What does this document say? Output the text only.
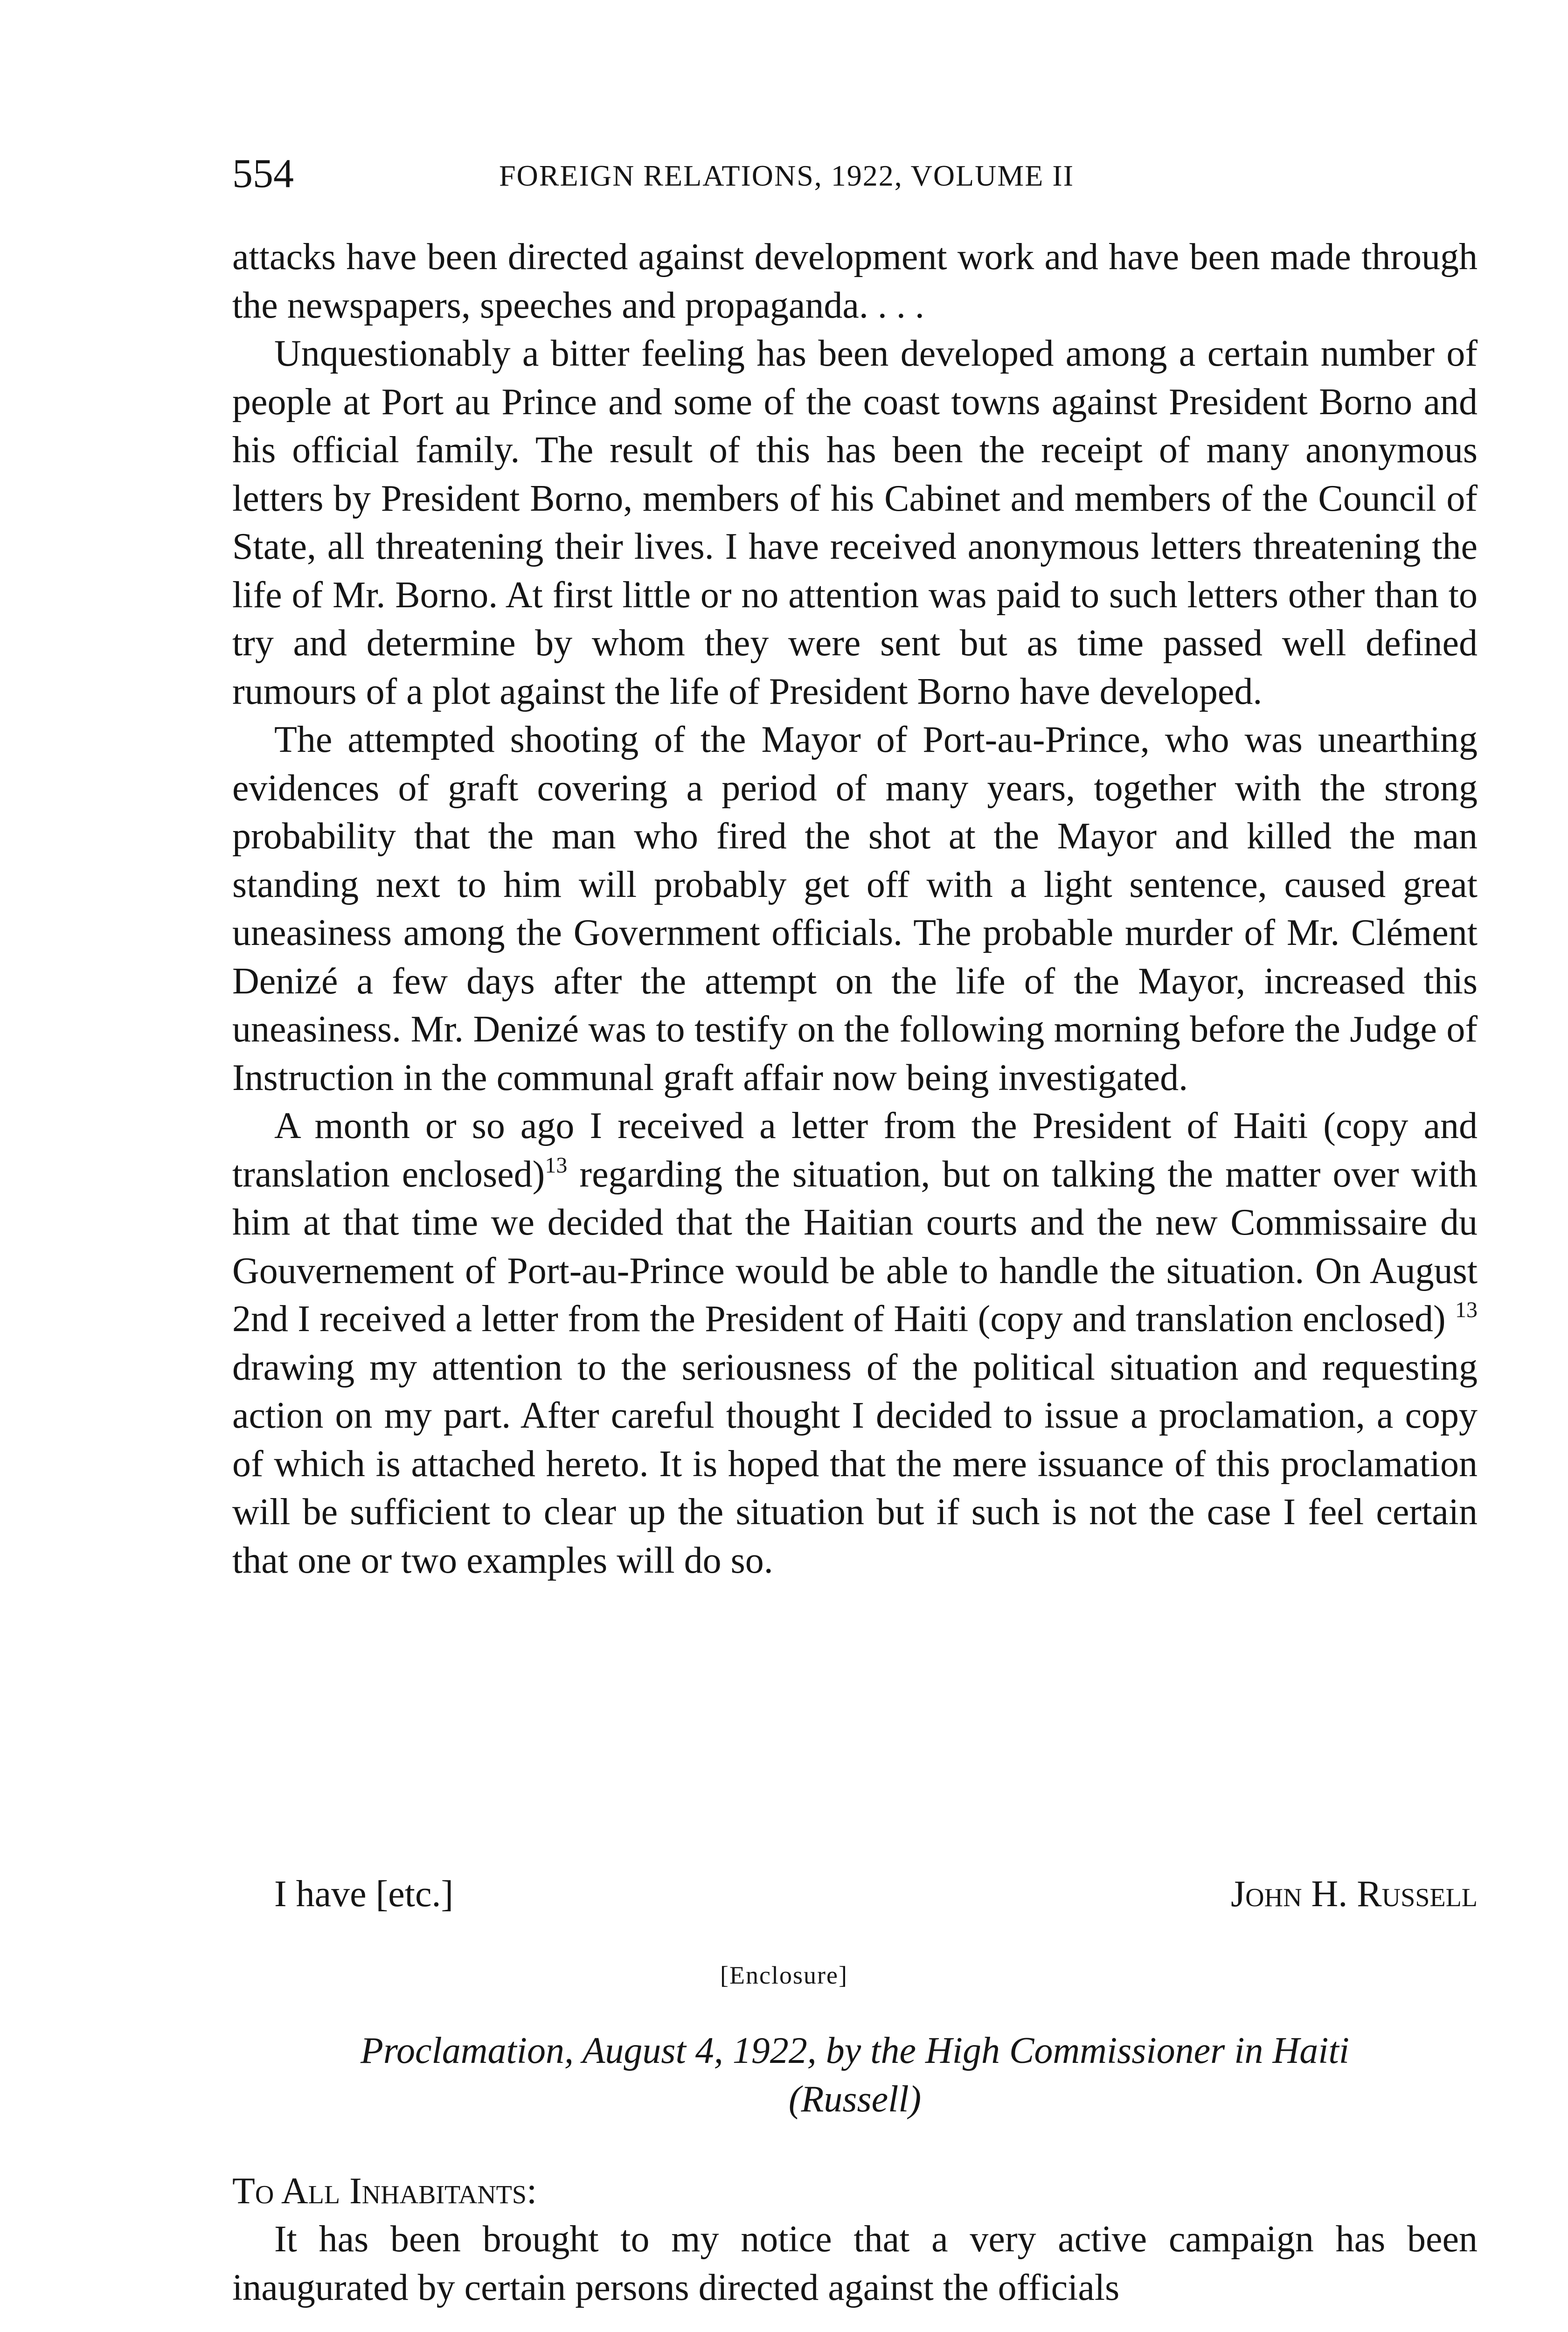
554	FOREIGN RELATIONS, 1922, VOLUME II

attacks have been directed against development work and have been made through the newspapers, speeches and propaganda. . . .

Unquestionably a bitter feeling has been developed among a certain number of people at Port au Prince and some of the coast towns against President Borno and his official family. The result of this has been the receipt of many anonymous letters by President Borno, members of his Cabinet and members of the Council of State, all threatening their lives. I have received anonymous letters threatening the life of Mr. Borno. At first little or no attention was paid to such letters other than to try and determine by whom they were sent but as time passed well defined rumours of a plot against the life of President Borno have developed.

The attempted shooting of the Mayor of Port-au-Prince, who was unearthing evidences of graft covering a period of many years, together with the strong probability that the man who fired the shot at the Mayor and killed the man standing next to him will probably get off with a light sentence, caused great uneasiness among the Government officials. The probable murder of Mr. Clément Denizé a few days after the attempt on the life of the Mayor, increased this uneasiness. Mr. Denizé was to testify on the following morning before the Judge of Instruction in the communal graft affair now being investigated.

A month or so ago I received a letter from the President of Haiti (copy and translation enclosed)$^{13}$ regarding the situation, but on talking the matter over with him at that time we decided that the Haitian courts and the new Commissaire du Gouvernement of Port-au-Prince would be able to handle the situation. On August 2nd I received a letter from the President of Haiti (copy and translation enclosed) $^{13}$ drawing my attention to the seriousness of the political situation and requesting action on my part. After careful thought I decided to issue a proclamation, a copy of which is attached hereto. It is hoped that the mere issuance of this proclamation will be sufficient to clear up the situation but if such is not the case I feel certain that one or two examples will do so.

I have [etc.]	John H. Russell
[Enclosure]
Proclamation, August 4, 1922, by the High Commissioner in Haiti
(Russell)
To All Inhabitants:

It has been brought to my notice that a very active campaign has been inaugurated by certain persons directed against the officials
